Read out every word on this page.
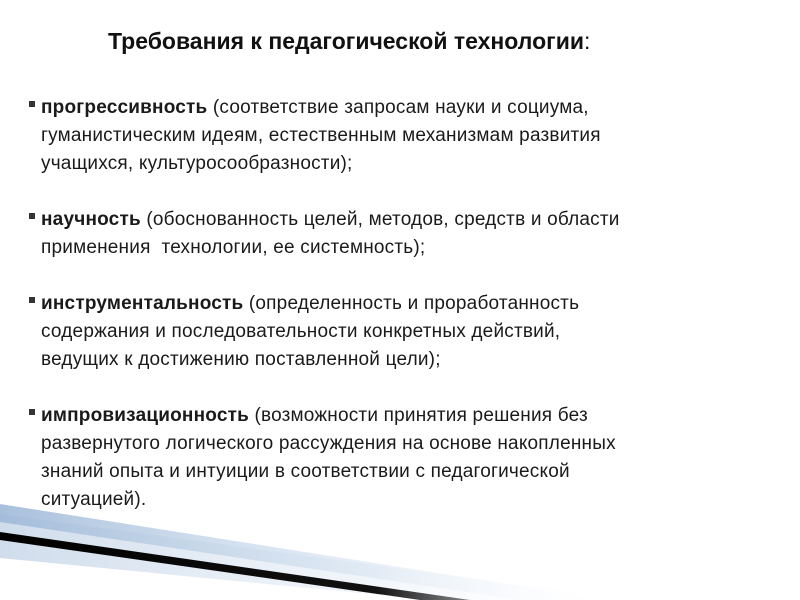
Требования к педагогической технологии:
прогрессивность (соответствие запросам науки и социума,
гуманистическим идеям, естественным механизмам развития
учащихся, культуросообразности);
научность (обоснованность целей, методов, средств и области
применения  технологии, ее системность);
инструментальность (определенность и проработанность
содержания и последовательности конкретных действий,
ведущих к достижению поставленной цели);
импровизационность (возможности принятия решения без
развернутого логического рассуждения на основе накопленных
знаний опыта и интуиции в соответствии с педагогической
ситуацией).
